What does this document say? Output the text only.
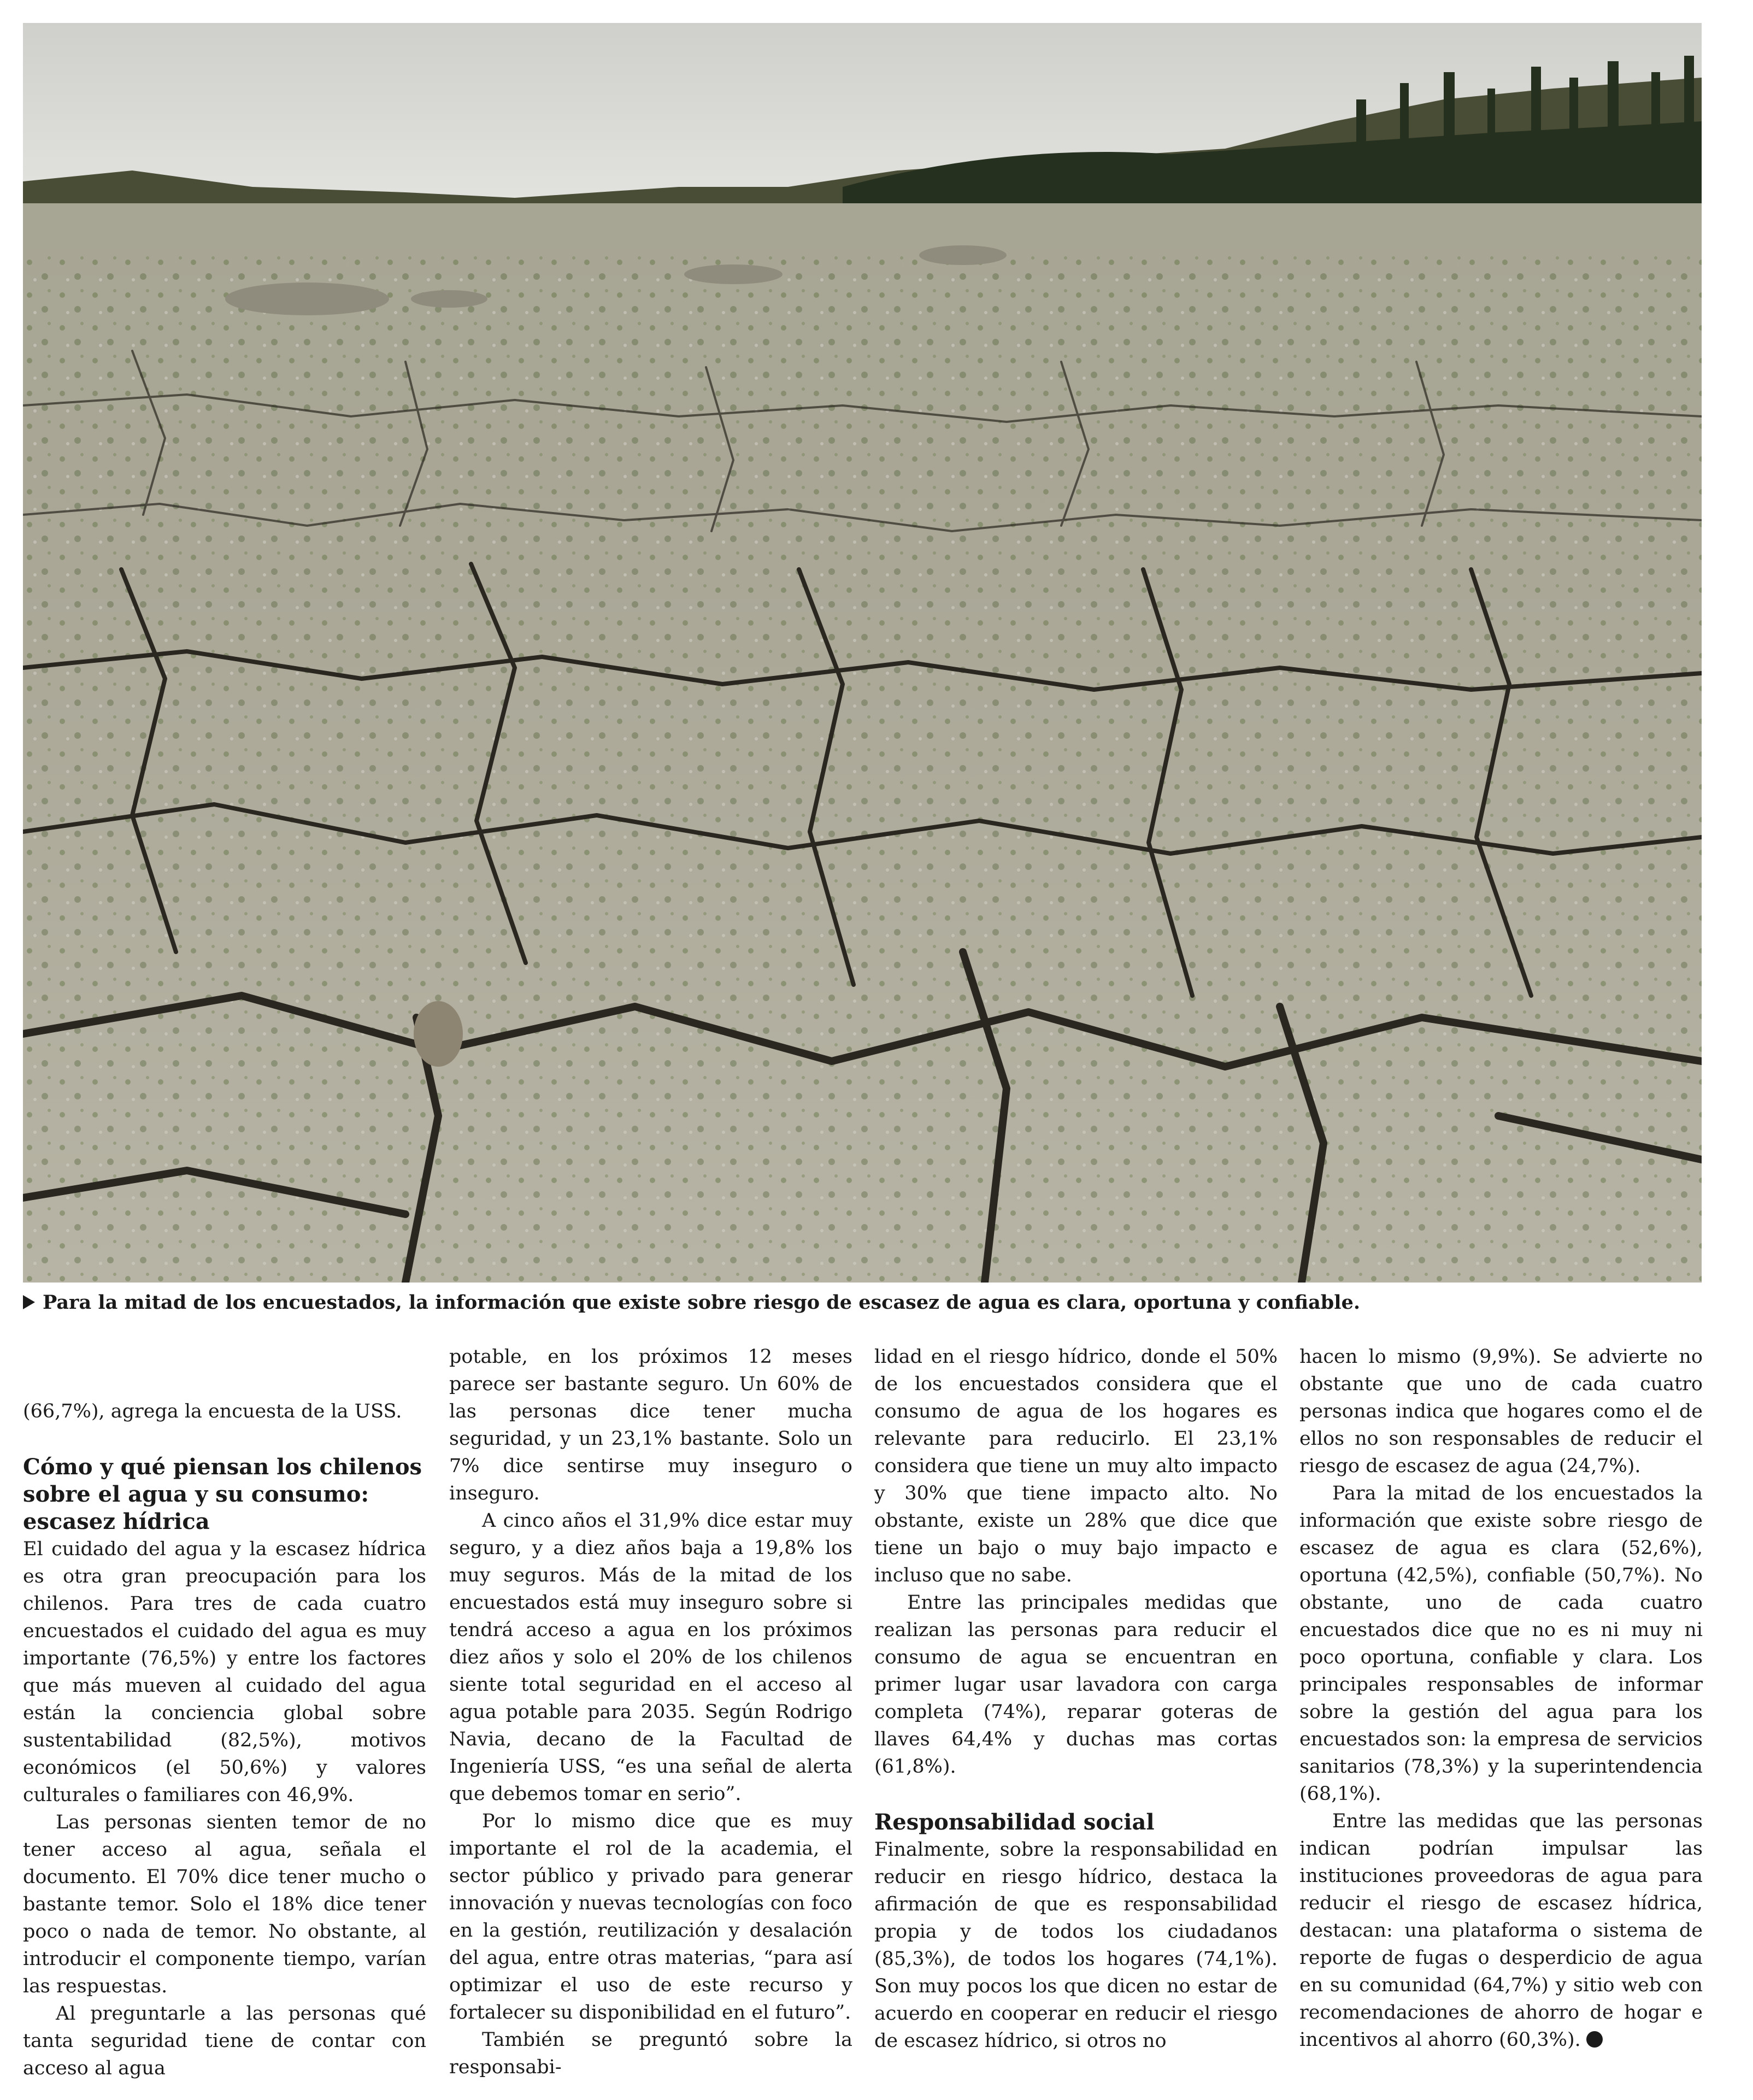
Para la mitad de los encuestados, la información que existe sobre riesgo de escasez de agua es clara, oportuna y confiable.

(66,7%), agrega la encuesta de la USS.

Cómo y qué piensan los chilenos sobre el agua y su consumo: escasez hídrica

El cuidado del agua y la escasez hídrica es otra gran preocupación para los chilenos. Para tres de cada cuatro encuestados el cuidado del agua es muy importante (76,5%) y entre los factores que más mueven al cuidado del agua están la conciencia global sobre sustentabilidad (82,5%), motivos económicos (el 50,6%) y valores culturales o familiares con 46,9%.

Las personas sienten temor de no tener acceso al agua, señala el documento. El 70% dice tener mucho o bastante temor. Solo el 18% dice tener poco o nada de temor. No obstante, al introducir el componente tiempo, varían las respuestas.

Al preguntarle a las personas qué tanta seguridad tiene de contar con acceso al agua

potable, en los próximos 12 meses parece ser bastante seguro. Un 60% de las personas dice tener mucha seguridad, y un 23,1% bastante. Solo un 7% dice sentirse muy inseguro o inseguro.

A cinco años el 31,9% dice estar muy seguro, y a diez años baja a 19,8% los muy seguros. Más de la mitad de los encuestados está muy inseguro sobre si tendrá acceso a agua en los próximos diez años y solo el 20% de los chilenos siente total seguridad en el acceso al agua potable para 2035. Según Rodrigo Navia, decano de la Facultad de Ingeniería USS, “es una señal de alerta que debemos tomar en serio”.

Por lo mismo dice que es muy importante el rol de la academia, el sector público y privado para generar innovación y nuevas tecnologías con foco en la gestión, reutilización y desalación del agua, entre otras materias, “para así optimizar el uso de este recurso y fortalecer su disponibilidad en el futuro”.

También se preguntó sobre la responsabi-

lidad en el riesgo hídrico, donde el 50% de los encuestados considera que el consumo de agua de los hogares es relevante para reducirlo. El 23,1% considera que tiene un muy alto impacto y 30% que tiene impacto alto. No obstante, existe un 28% que dice que tiene un bajo o muy bajo impacto e incluso que no sabe.

Entre las principales medidas que realizan las personas para reducir el consumo de agua se encuentran en primer lugar usar lavadora con carga completa (74%), reparar goteras de llaves 64,4% y duchas mas cortas (61,8%).

Responsabilidad social

Finalmente, sobre la responsabilidad en reducir en riesgo hídrico, destaca la afirmación de que es responsabilidad propia y de todos los ciudadanos (85,3%), de todos los hogares (74,1%). Son muy pocos los que dicen no estar de acuerdo en cooperar en reducir el riesgo de escasez hídrico, si otros no

hacen lo mismo (9,9%). Se advierte no obstante que uno de cada cuatro personas indica que hogares como el de ellos no son responsables de reducir el riesgo de escasez de agua (24,7%).

Para la mitad de los encuestados la información que existe sobre riesgo de escasez de agua es clara (52,6%), oportuna (42,5%), confiable (50,7%). No obstante, uno de cada cuatro encuestados dice que no es ni muy ni poco oportuna, confiable y clara. Los principales responsables de informar sobre la gestión del agua para los encuestados son: la empresa de servicios sanitarios (78,3%) y la superintendencia (68,1%).

Entre las medidas que las personas indican podrían impulsar las instituciones proveedoras de agua para reducir el riesgo de escasez hídrica, destacan: una plataforma o sistema de reporte de fugas o desperdicio de agua en su comunidad (64,7%) y sitio web con recomendaciones de ahorro de hogar e incentivos al ahorro (60,3%).
